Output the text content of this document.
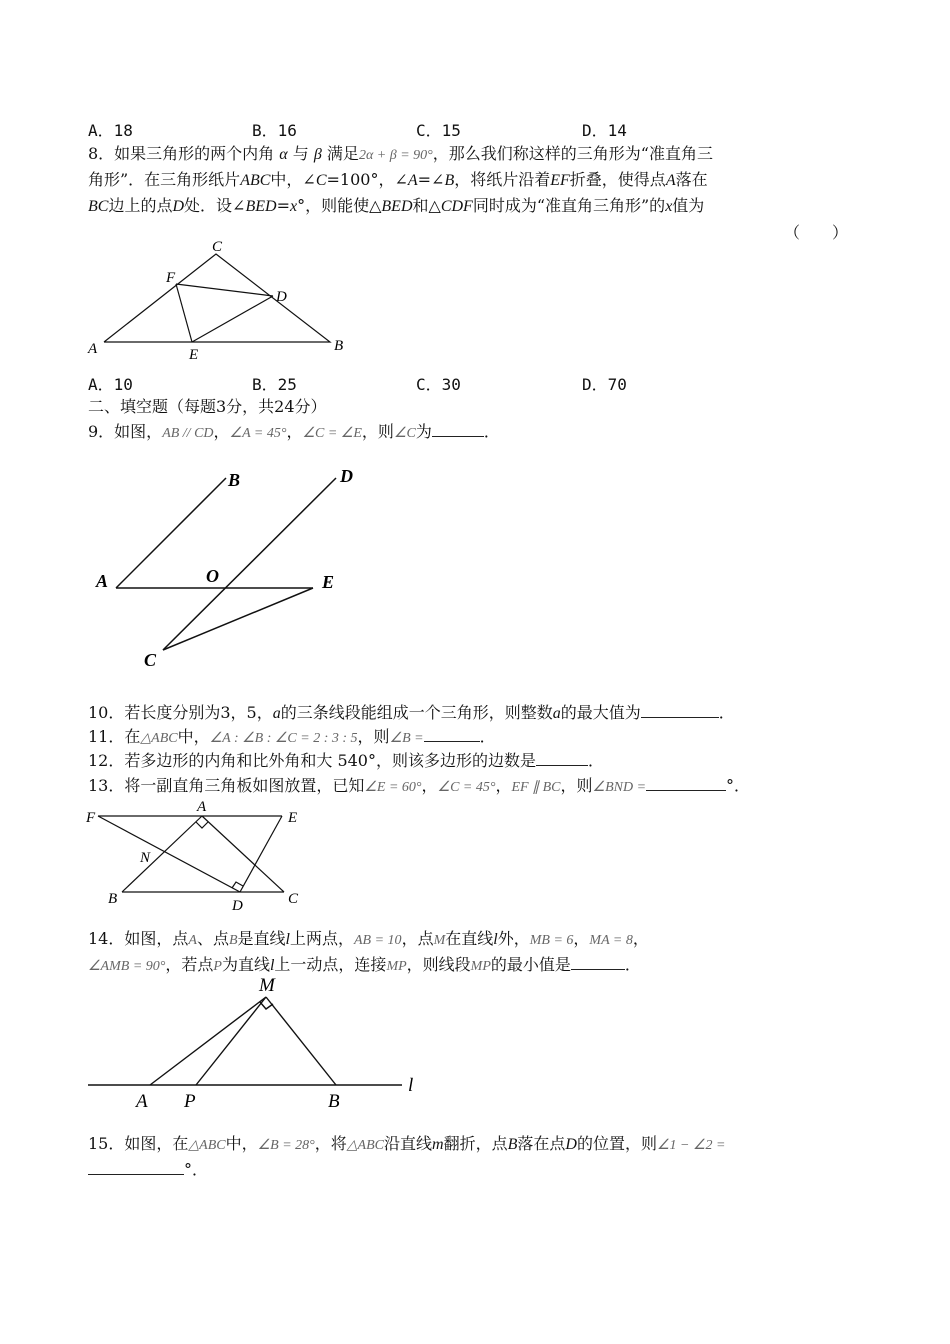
A．18	B．16	C．15	D．14
8．如果三角形的两个内角 α 与 β 满足2α + β = 90°，那么我们称这样的三角形为“准直角三
角形”．在三角形纸片ABC中，∠C=100°，∠A=∠B，将纸片沿着EF折叠，使得点A落在
BC边上的点D处．设∠BED=x°，则能使△BED和△CDF同时成为“准直角三角形”的x值为
（　　）
C
F
D
A	E
B
A．10	B．25	C．30	D．70
二、填空题（每题3分，共24分）
9．如图，AB // CD，∠A = 45°，∠C = ∠E，则∠C为	．
B	D
A	O	E
C
10．若长度分别为3，5，a的三条线段能组成一个三角形，则整数a的最大值为	．
11．在△ABC中，∠A : ∠B : ∠C = 2 : 3 : 5，则∠B =	．
12．若多边形的内角和比外角和大 540°，则该多边形的边数是	．
13．将一副直角三角板如图放置，已知∠E = 60°，∠C = 45°，EF ∥ BC，则∠BND =	°．
F
A
E
N
B	D	C
14．如图，点A、点B是直线l上两点，AB = 10，点M在直线l外，MB = 6，MA = 8，
∠AMB = 90°，若点P为直线l上一动点，连接MP，则线段MP的最小值是	．
M
A P	B
l
15．如图，在△ABC中，∠B = 28°，将△ABC沿直线m翻折，点B落在点D的位置，则∠1 − ∠2 =
°．
